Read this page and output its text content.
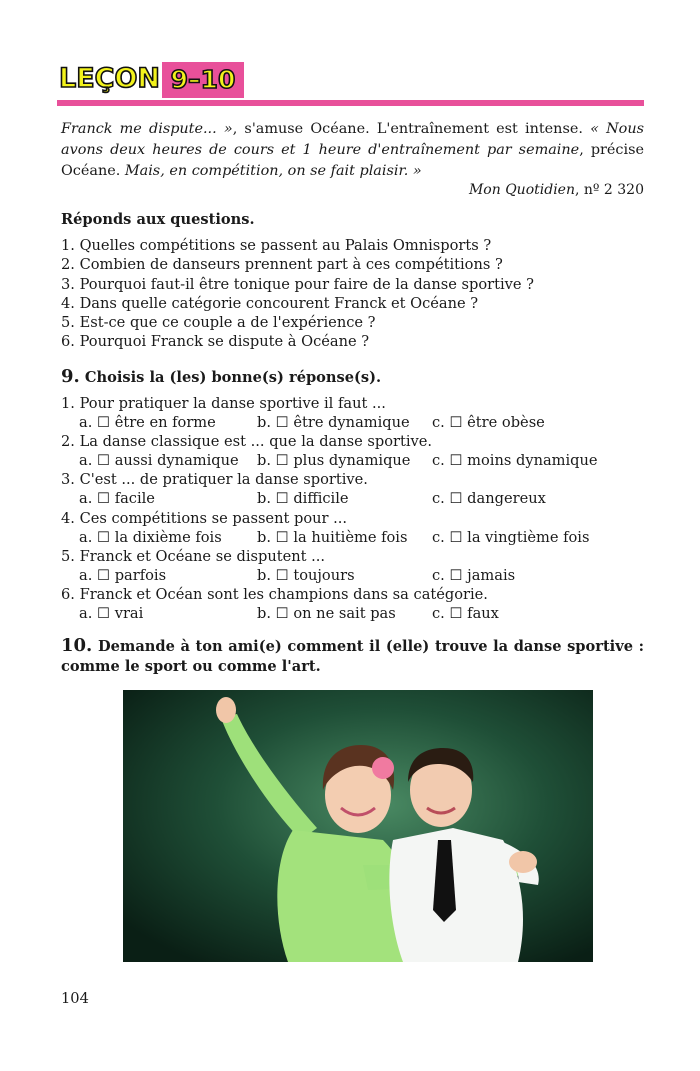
LEÇON 9–10
Franck me dispute... », s'amuse Océane. L'entraînement est intense. « Nous avons deux heures de cours et 1 heure d'entraînement par semaine, précise Océane. Mais, en compétition, on se fait plaisir. »
Mon Quotidien, nº 2 320
Réponds aux questions.
1. Quelles compétitions se passent au Palais Omnisports ?
2. Combien de danseurs prennent part à ces compétitions ?
3. Pourquoi faut-il être tonique pour faire de la danse sportive ?
4. Dans quelle catégorie concourent Franck et Océane ?
5. Est-ce que ce couple a de l'expérience ?
6. Pourquoi Franck se dispute à Océane ?
9. Choisis la (les) bonne(s) réponse(s).
1. Pour pratiquer la danse sportive il faut ...
a. ☐ être en forme	b. ☐ être dynamique c. ☐ être obèse
2. La danse classique est ... que la danse sportive.
a. ☐ aussi dynamique b. ☐ plus dynamique c. ☐ moins dynamique
3. C'est ... de pratiquer la danse sportive.
a. ☐ facile	b. ☐ difficile	c. ☐ dangereux
4. Ces compétitions se passent pour ...
a. ☐ la dixième fois b. ☐ la huitième fois c. ☐ la vingtième fois
5. Franck et Océane se disputent ...
a. ☐ parfois	b. ☐ toujours	c. ☐ jamais
6. Franck et Océan sont les champions dans sa catégorie.
a. ☐ vrai	b. ☐ on ne sait pas c. ☐ faux
10. Demande à ton ami(e) comment il (elle) trouve la danse sportive : comme le sport ou comme l'art.
104
